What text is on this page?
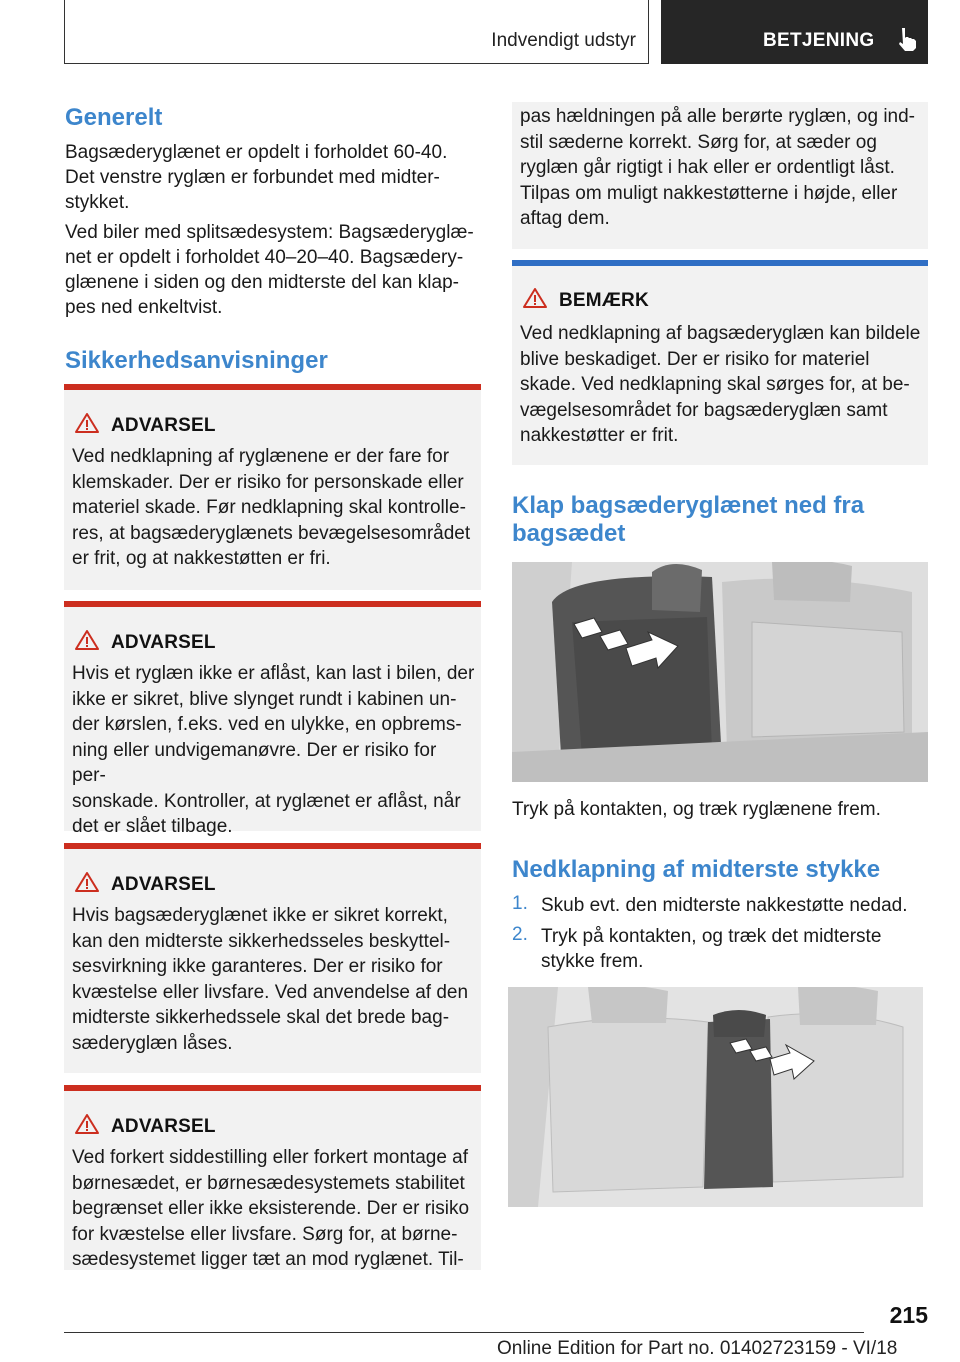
Indvendigt udstyr	BETJENING
Generelt
Bagsæderyglænet er opdelt i forholdet 60-40.
Det venstre ryglæn er forbundet med midter-
stykket.
Ved biler med splitsædesystem: Bagsæderyglæ-
net er opdelt i forholdet 40–20–40. Bagsædery-
glænene i siden og den midterste del kan klap-
pes ned enkeltvist.
Sikkerhedsanvisninger
ADVARSEL
Ved nedklapning af ryglænene er der fare for
klemskader. Der er risiko for personskade eller
materiel skade. Før nedklapning skal kontrolle-
res, at bagsæderyglænets bevægelsesområdet
er frit, og at nakkestøtten er fri.
ADVARSEL
Hvis et ryglæn ikke er aflåst, kan last i bilen, der
ikke er sikret, blive slynget rundt i kabinen un-
der kørslen, f.eks. ved en ulykke, en opbrems-
ning eller undvigemanøvre. Der er risiko for per-
sonskade. Kontroller, at ryglænet er aflåst, når
det er slået tilbage.
ADVARSEL
Hvis bagsæderyglænet ikke er sikret korrekt,
kan den midterste sikkerhedsseles beskyttel-
sesvirkning ikke garanteres. Der er risiko for
kvæstelse eller livsfare. Ved anvendelse af den
midterste sikkerhedssele skal det brede bag-
sæderyglæn låses.
ADVARSEL
Ved forkert siddestilling eller forkert montage af
børnesædet, er børnesædesystemets stabilitet
begrænset eller ikke eksisterende. Der er risiko
for kvæstelse eller livsfare. Sørg for, at børne-
sædesystemet ligger tæt an mod ryglænet. Til-
pas hældningen på alle berørte ryglæn, og ind-
stil sæderne korrekt. Sørg for, at sæder og
ryglæn går rigtigt i hak eller er ordentligt låst.
Tilpas om muligt nakkestøtterne i højde, eller
aftag dem.
BEMÆRK
Ved nedklapning af bagsæderyglæn kan bildele
blive beskadiget. Der er risiko for materiel
skade. Ved nedklapning skal sørges for, at be-
vægelsesområdet for bagsæderyglæn samt
nakkestøtter er frit.
Klap bagsæderyglænet ned fra
bagsædet
Tryk på kontakten, og træk ryglænene frem.
Nedklapning af midterste stykke
1. Skub evt. den midterste nakkestøtte nedad.
2. Tryk på kontakten, og træk det midterste
stykke frem.
215
Online Edition for Part no. 01402723159 - VI/18
